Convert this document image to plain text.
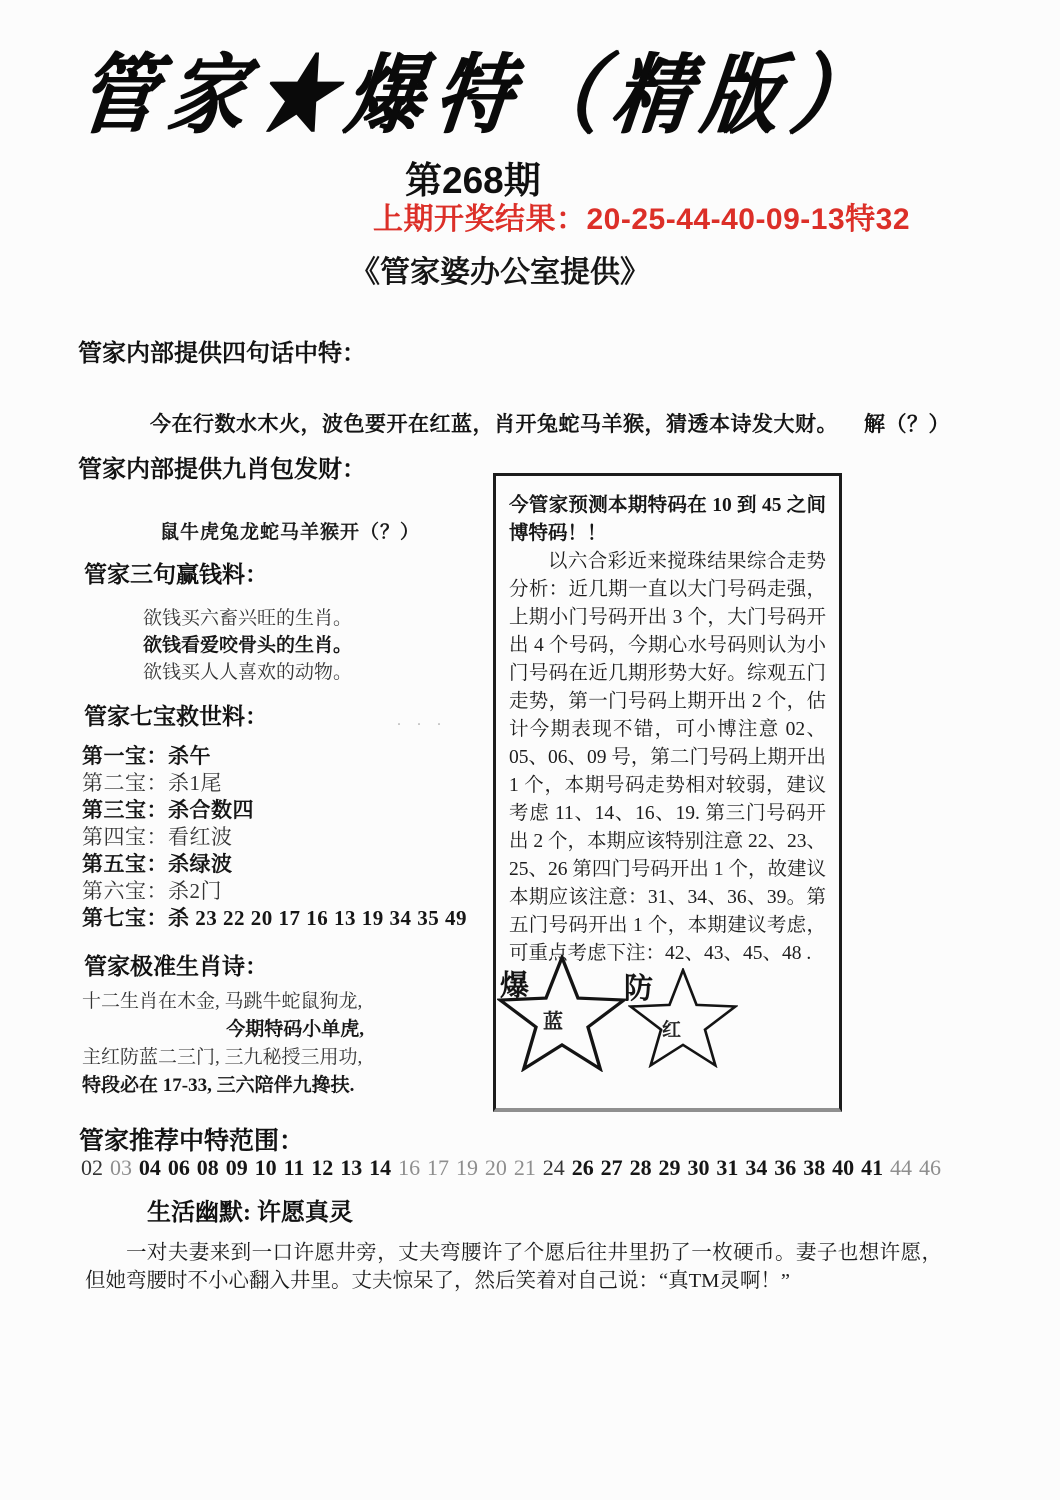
管家★爆特（精版）
第268期
上期开奖结果：20-25-44-40-09-13特32
《管家婆办公室提供》
管家内部提供四句话中特：
今在行数水木火，波色要开在红蓝，肖开兔蛇马羊猴，猜透本诗发大财。 解（？）
管家内部提供九肖包发财：
鼠牛虎兔龙蛇马羊猴开（？）
管家三句赢钱料：
欲钱买六畜兴旺的生肖。
欲钱看爱咬骨头的生肖。
欲钱买人人喜欢的动物。
管家七宝救世料：	. . .
第一宝：杀午
第二宝：杀1尾
第三宝：杀合数四
第四宝：看红波
第五宝：杀绿波
第六宝：杀2门
第七宝：杀 23 22 20 17 16 13 19 34 35 49
管家极准生肖诗：
十二生肖在木金, 马跳牛蛇鼠狗龙,
今期特码小单虎,
主红防蓝二三门, 三九秘授三用功,
特段必在 17-33, 三六陪伴九搀扶.

今管家预测本期特码在 10 到 45 之间博特码！！

以六合彩近来搅珠结果综合走势分析：近几期一直以大门号码走强，上期小门号码开出 3 个，大门号码开出 4 个号码，今期心水号码则认为小门号码在近几期形势大好。综观五门走势，第一门号码上期开出 2 个，估计今期表现不错，可小博注意 02、05、06、09 号，第二门号码上期开出 1 个，本期号码走势相对较弱，建议考虑 11、14、16、19. 第三门号码开出 2 个，本期应该特别注意 22、23、25、26 第四门号码开出 1 个，故建议本期应该注意：31、34、36、39。第五门号码开出 1 个，本期建议考虑，可重点考虑下注：42、43、45、48 .

爆
蓝
防
红
管家推荐中特范围：
02 03 04 06 08 09 10 11 12 13 14 16 17 19 20 21 24 26 27 28 29 30 31 34 36 38 40 41 44 46
生活幽默: 许愿真灵
一对夫妻来到一口许愿井旁，丈夫弯腰许了个愿后往井里扔了一枚硬币。妻子也想许愿，但她弯腰时不小心翻入井里。丈夫惊呆了，然后笑着对自己说：“真TM灵啊！”
